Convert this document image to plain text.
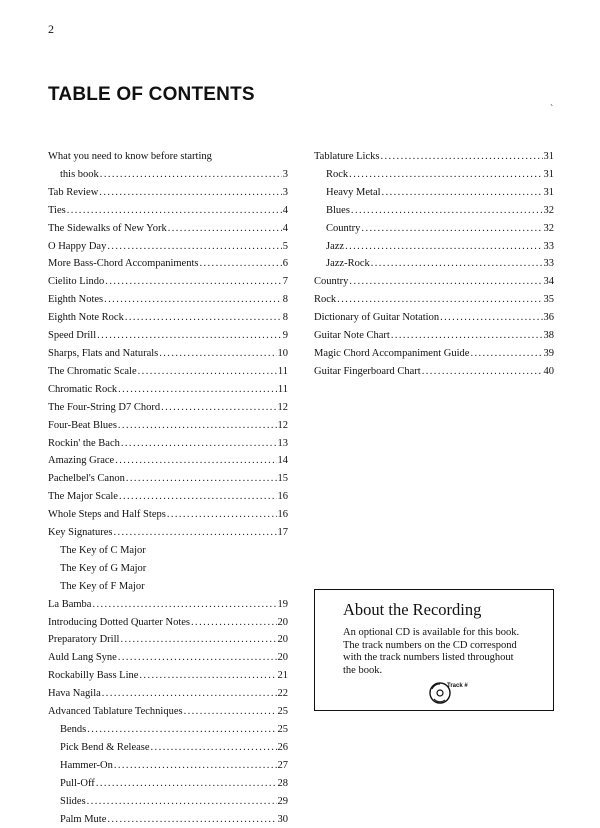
2
TABLE OF CONTENTS
`
What you need to know before starting
this book .....	3
Tab Review .....	3
Ties .....	4
The Sidewalks of New York .....	4
O Happy Day .....	5
More Bass-Chord Accompaniments .....	6
Cielito Lindo .....	7
Eighth Notes .....	8
Eighth Note Rock .....	8
Speed Drill .....	9
Sharps, Flats and Naturals .....	10
The Chromatic Scale .....	11
Chromatic Rock .....	11
The Four-String D7 Chord .....	12
Four-Beat Blues .....	12
Rockin' the Bach .....	13
Amazing Grace .....	14
Pachelbel's Canon .....	15
The Major Scale .....	16
Whole Steps and Half Steps .....	16
Key Signatures .....	17
The Key of C Major
The Key of G Major
The Key of F Major
La Bamba .....	19
Introducing Dotted Quarter Notes .....	20
Preparatory Drill .....	20
Auld Lang Syne .....	20
Rockabilly Bass Line .....	21
Hava Nagila .....	22
Advanced Tablature Techniques .....	25
Bends .....	25
Pick Bend & Release .....	26
Hammer-On .....	27
Pull-Off .....	28
Slides .....	29
Palm Mute .....	30
Tablature Licks .....	31
Rock .....	31
Heavy Metal .....	31
Blues .....	32
Country .....	32
Jazz .....	33
Jazz-Rock .....	33
Country .....	34
Rock .....	35
Dictionary of Guitar Notation .....	36
Guitar Note Chart .....	38
Magic Chord Accompaniment Guide .....	39
Guitar Fingerboard Chart .....	40
About the Recording
An optional CD is available for this book.
The track numbers on the CD correspond
with the track numbers listed throughout
the book.
Track #
